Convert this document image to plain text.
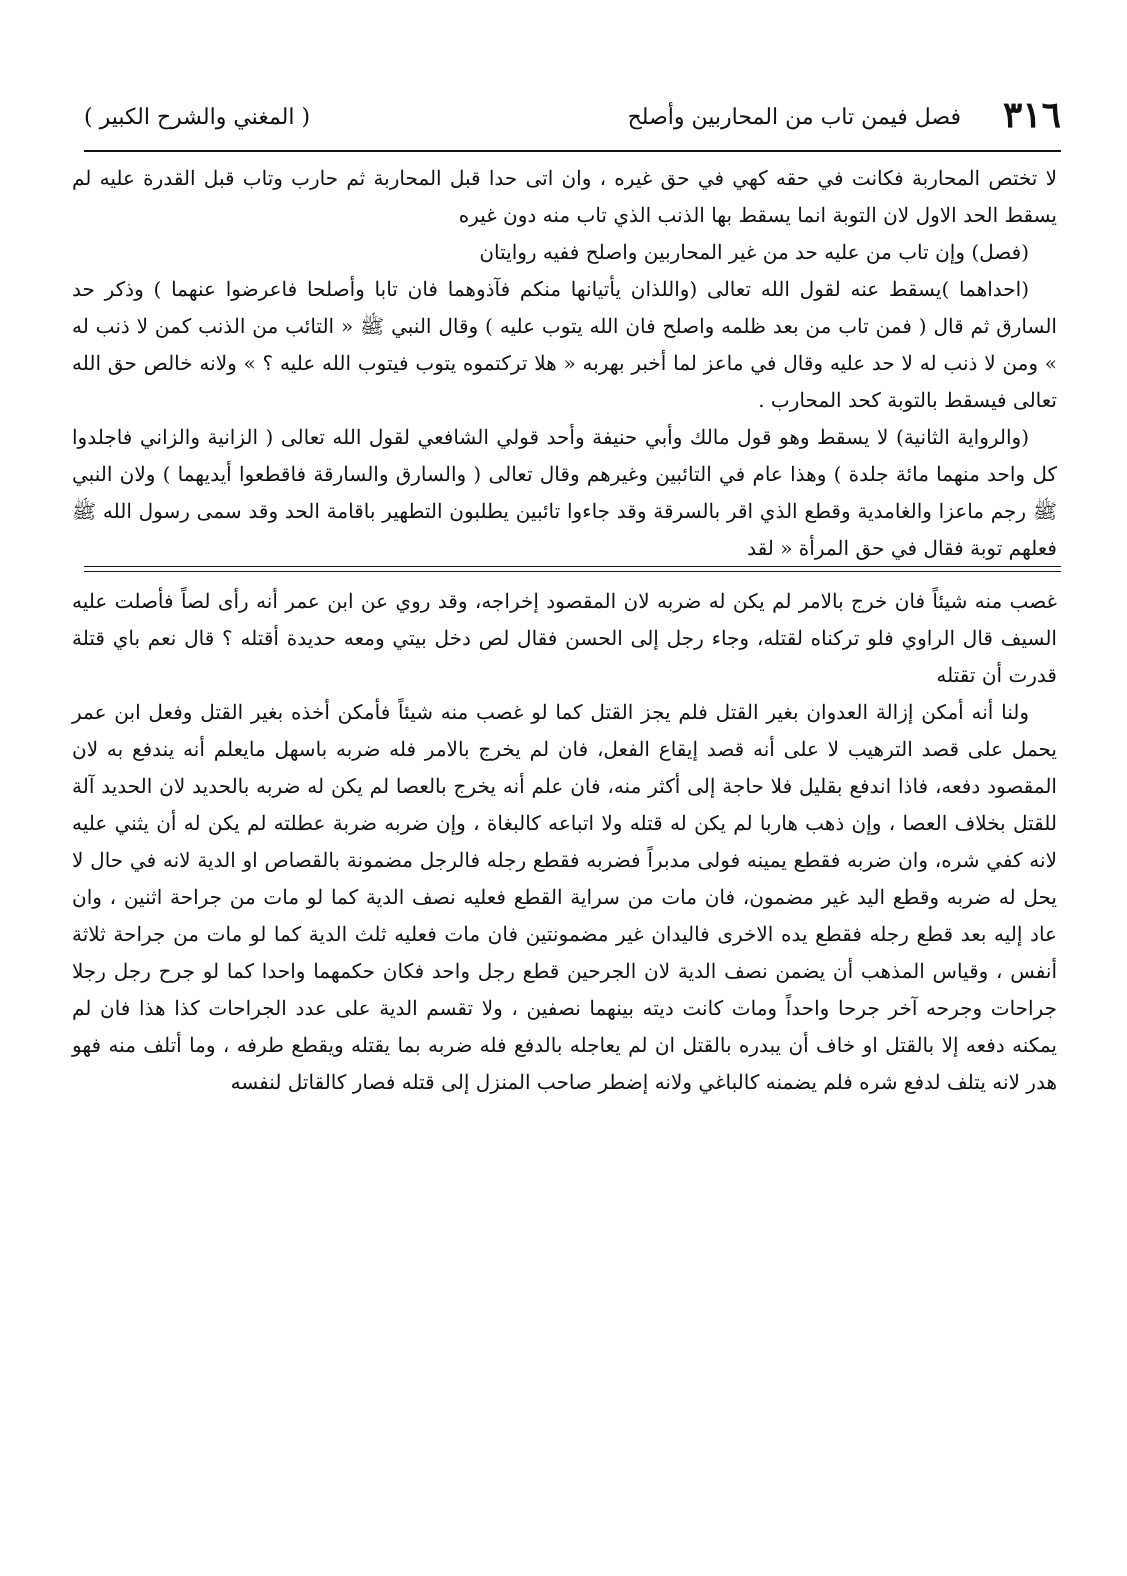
٣١٦
فصل فيمن تاب من المحاربين وأصلح
( المغني والشرح الكبير )

لا تختص المحاربة فكانت في حقه كهي في حق غيره ، وان اتى حدا قبل المحاربة ثم حارب وتاب قبل القدرة عليه لم يسقط الحد الاول لان التوبة انما يسقط بها الذنب الذي تاب منه دون غيره

(فصل) وإن تاب من عليه حد من غير المحاربين واصلح ففيه روايتان

(احداهما )يسقط عنه لقول الله تعالى (واللذان يأتيانها منكم فآذوهما فان تابا وأصلحا فاعرضوا عنهما ) وذكر حد السارق ثم قال ( فمن تاب من بعد ظلمه واصلح فان الله يتوب عليه ) وقال النبي ﷺ « التائب من الذنب كمن لا ذنب له » ومن لا ذنب له لا حد عليه وقال في ماعز لما أخبر بهربه « هلا تركتموه يتوب فيتوب الله عليه ؟ » ولانه خالص حق الله تعالى فيسقط بالتوبة كحد المحارب .

(والرواية الثانية) لا يسقط وهو قول مالك وأبي حنيفة وأحد قولي الشافعي لقول الله تعالى ( الزانية والزاني فاجلدوا كل واحد منهما مائة جلدة ) وهذا عام في التائبين وغيرهم وقال تعالى ( والسارق والسارقة فاقطعوا أيديهما ) ولان النبي ﷺ رجم ماعزا والغامدية وقطع الذي اقر بالسرقة وقد جاءوا تائبين يطلبون التطهير باقامة الحد وقد سمى رسول الله ﷺ فعلهم توبة فقال في حق المرأة « لقد

غصب منه شيئاً فان خرج بالامر لم يكن له ضربه لان المقصود إخراجه، وقد روي عن ابن عمر أنه رأى لصاً فأصلت عليه السيف قال الراوي فلو تركناه لقتله، وجاء رجل إلى الحسن فقال لص دخل بيتي ومعه حديدة أقتله ؟ قال نعم باي قتلة قدرت أن تقتله

ولنا أنه أمكن إزالة العدوان بغير القتل فلم يجز القتل كما لو غصب منه شيئاً فأمكن أخذه بغير القتل وفعل ابن عمر يحمل على قصد الترهيب لا على أنه قصد إيقاع الفعل، فان لم يخرج بالامر فله ضربه باسهل مايعلم أنه يندفع به لان المقصود دفعه، فاذا اندفع بقليل فلا حاجة إلى أكثر منه، فان علم أنه يخرج بالعصا لم يكن له ضربه بالحديد لان الحديد آلة للقتل بخلاف العصا ، وإن ذهب هاربا لم يكن له قتله ولا اتباعه كالبغاة ، وإن ضربه ضربة عطلته لم يكن له أن يثني عليه لانه كفي شره، وان ضربه فقطع يمينه فولى مدبراً فضربه فقطع رجله فالرجل مضمونة بالقصاص او الدية لانه في حال لا يحل له ضربه وقطع اليد غير مضمون، فان مات من سراية القطع فعليه نصف الدية كما لو مات من جراحة اثنين ، وان عاد إليه بعد قطع رجله فقطع يده الاخرى فاليدان غير مضمونتين فان مات فعليه ثلث الدية كما لو مات من جراحة ثلاثة أنفس ، وقياس المذهب أن يضمن نصف الدية لان الجرحين قطع رجل واحد فكان حكمهما واحدا كما لو جرح رجل رجلا جراحات وجرحه آخر جرحا واحداً ومات كانت ديته بينهما نصفين ، ولا تقسم الدية على عدد الجراحات كذا هذا فان لم يمكنه دفعه إلا بالقتل او خاف أن يبدره بالقتل ان لم يعاجله بالدفع فله ضربه بما يقتله ويقطع طرفه ، وما أتلف منه فهو هدر لانه يتلف لدفع شره فلم يضمنه كالباغي ولانه إضطر صاحب المنزل إلى قتله فصار كالقاتل لنفسه
